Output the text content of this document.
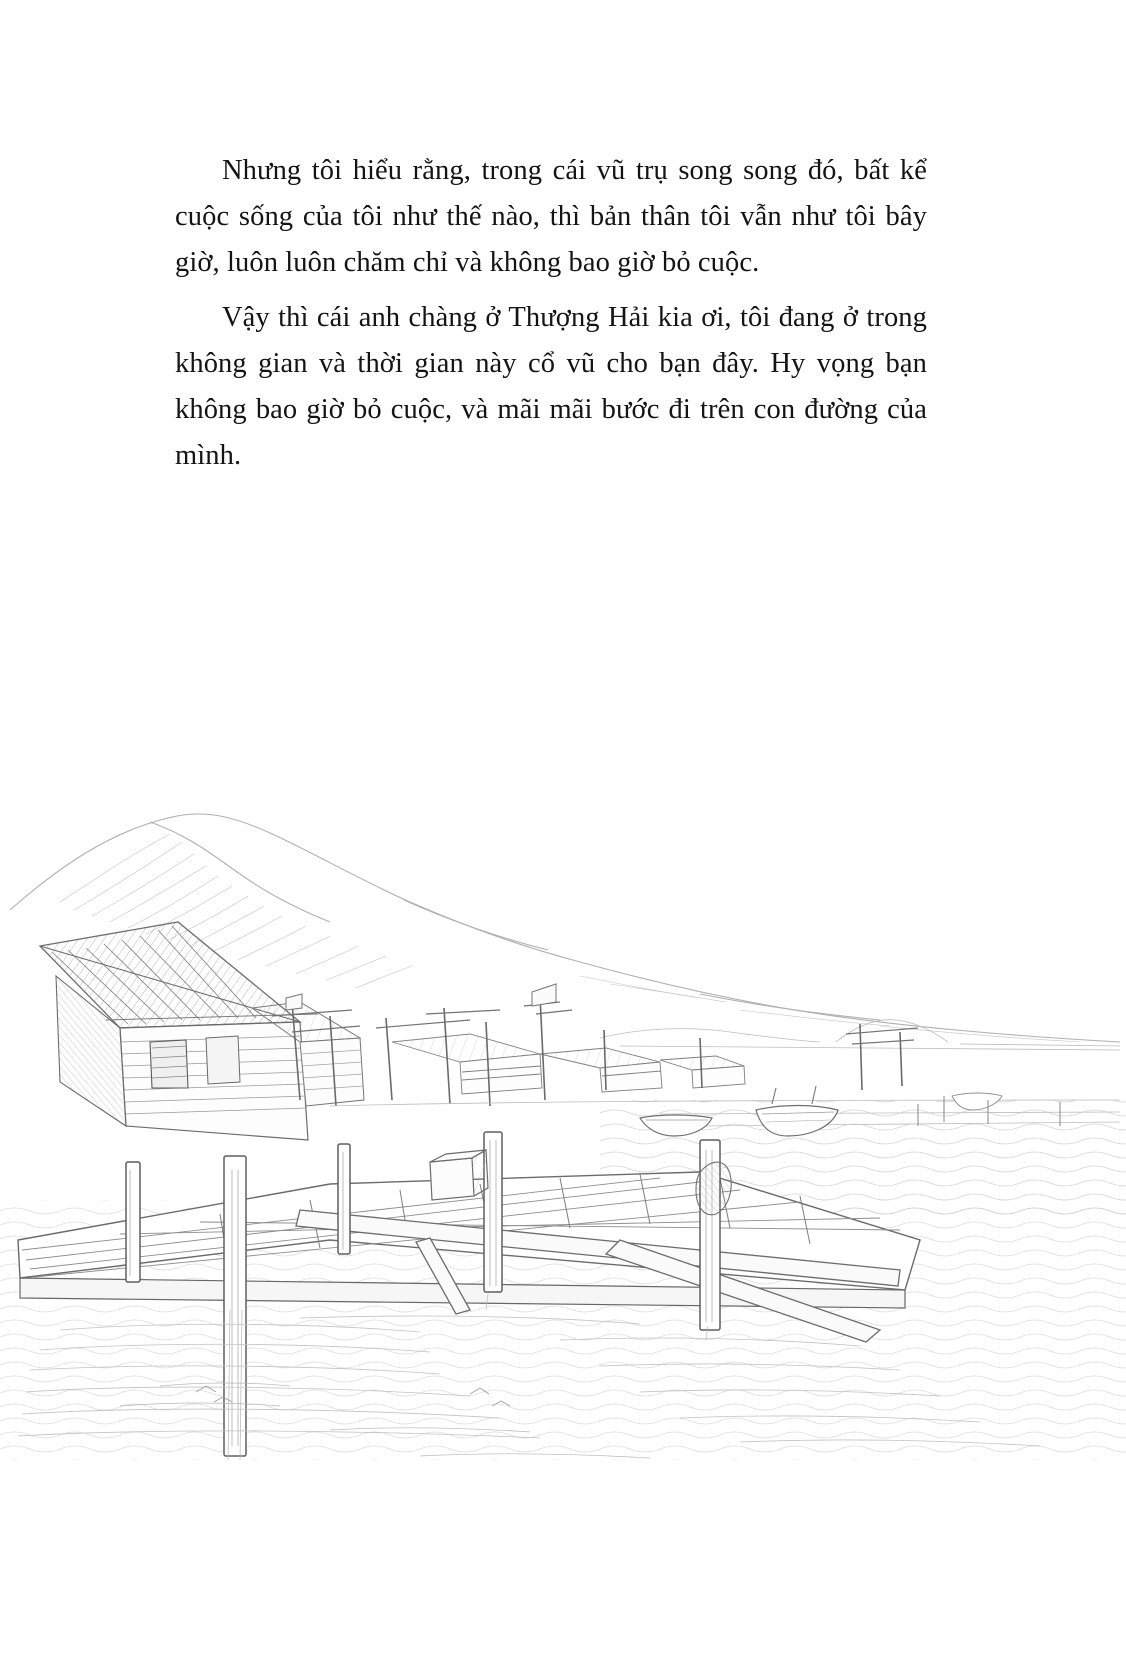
Nhưng tôi hiểu rằng, trong cái vũ trụ song song đó, bất kể cuộc sống của tôi như thế nào, thì bản thân tôi vẫn như tôi bây giờ, luôn luôn chăm chỉ và không bao giờ bỏ cuộc.

Vậy thì cái anh chàng ở Thượng Hải kia ơi, tôi đang ở trong không gian và thời gian này cổ vũ cho bạn đây. Hy vọng bạn không bao giờ bỏ cuộc, và mãi mãi bước đi trên con đường của mình.
